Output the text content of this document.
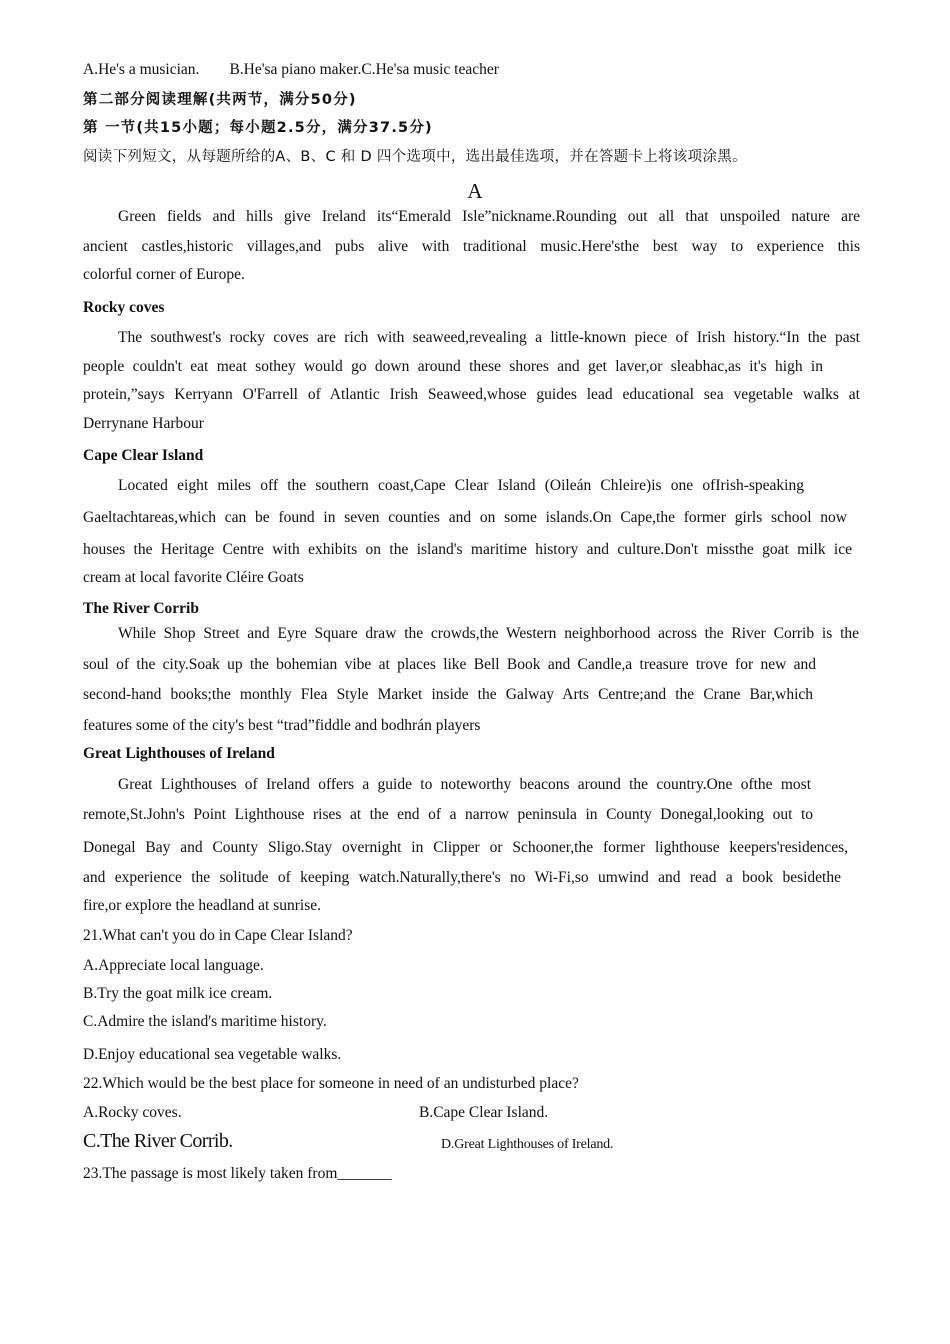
A.He's a musician. B.He'sa piano maker.C.He'sa music teacher
第二部分阅读理解(共两节，满分50分)
第 一节(共15小题；每小题2.5分，满分37.5分)
阅读下列短文，从每题所给的A、B、C 和 D 四个选项中，选出最佳选项，并在答题卡上将该项涂黑。
A
Green fields and hills give Ireland its“Emerald Isle”nickname.Rounding out all that unspoiled nature are
ancient castles,historic villages,and pubs alive with traditional music.Here'sthe best way to experience this
colorful corner of Europe.
Rocky coves
The southwest's rocky coves are rich with seaweed,revealing a little-known piece of Irish history.“In the past
people couldn't eat meat sothey would go down around these shores and get laver,or sleabhac,as it's high in
protein,”says Kerryann O'Farrell of Atlantic Irish Seaweed,whose guides lead educational sea vegetable walks at
Derrynane Harbour
Cape Clear Island
Located eight miles off the southern coast,Cape Clear Island (Oileán Chleire)is one ofIrish-speaking
Gaeltachtareas,which can be found in seven counties and on some islands.On Cape,the former girls school now
houses the Heritage Centre with exhibits on the island's maritime history and culture.Don't missthe goat milk ice
cream at local favorite Cléire Goats
The River Corrib
While Shop Street and Eyre Square draw the crowds,the Western neighborhood across the River Corrib is the
soul of the city.Soak up the bohemian vibe at places like Bell Book and Candle,a treasure trove for new and
second-hand books;the monthly Flea Style Market inside the Galway Arts Centre;and the Crane Bar,which
features some of the city's best “trad”fiddle and bodhrán players
Great Lighthouses of Ireland
Great Lighthouses of Ireland offers a guide to noteworthy beacons around the country.One ofthe most
remote,St.John's Point Lighthouse rises at the end of a narrow peninsula in County Donegal,looking out to
Donegal Bay and County Sligo.Stay overnight in Clipper or Schooner,the former lighthouse keepers'residences,
and experience the solitude of keeping watch.Naturally,there's no Wi-Fi,so umwind and read a book besidethe
fire,or explore the headland at sunrise.
21.What can't you do in Cape Clear Island?
A.Appreciate local language.
B.Try the goat milk ice cream.
C.Admire the island's maritime history.
D.Enjoy educational sea vegetable walks.
22.Which would be the best place for someone in need of an undisturbed place?
A.Rocky coves.	B.Cape Clear Island.
C.The River Corrib.	D.Great Lighthouses of Ireland.
23.The passage is most likely taken from_______
